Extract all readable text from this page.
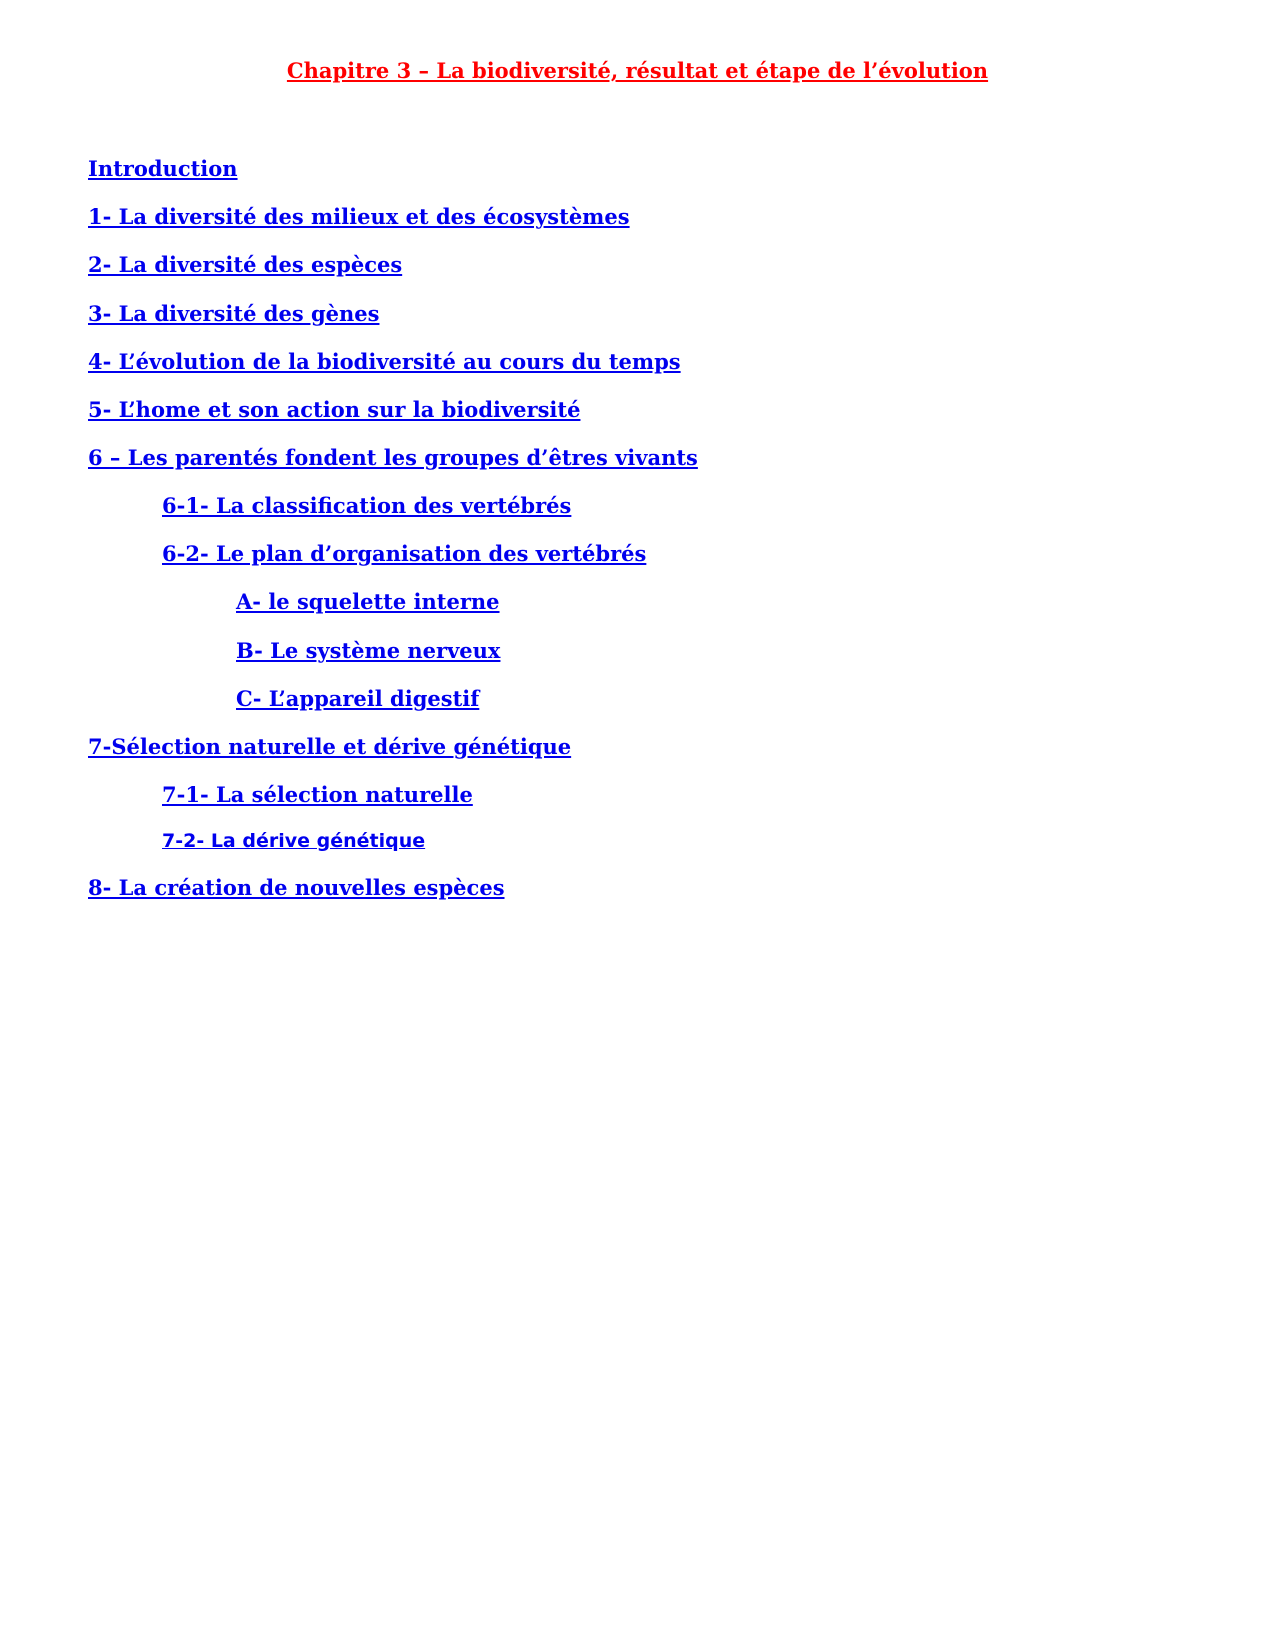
Chapitre 3 – La biodiversité, résultat et étape de l’évolution
Introduction
1- La diversité des milieux et des écosystèmes
2- La diversité des espèces
3- La diversité des gènes
4- L’évolution de la biodiversité au cours du temps
5- L’home et son action sur la biodiversité
6 – Les parentés fondent les groupes d’êtres vivants
6-1- La classification des vertébrés
6-2- Le plan d’organisation des vertébrés
A- le squelette interne
B- Le système nerveux
C- L’appareil digestif
7-Sélection naturelle et dérive génétique
7-1- La sélection naturelle
7-2- La dérive génétique
8- La création de nouvelles espèces
